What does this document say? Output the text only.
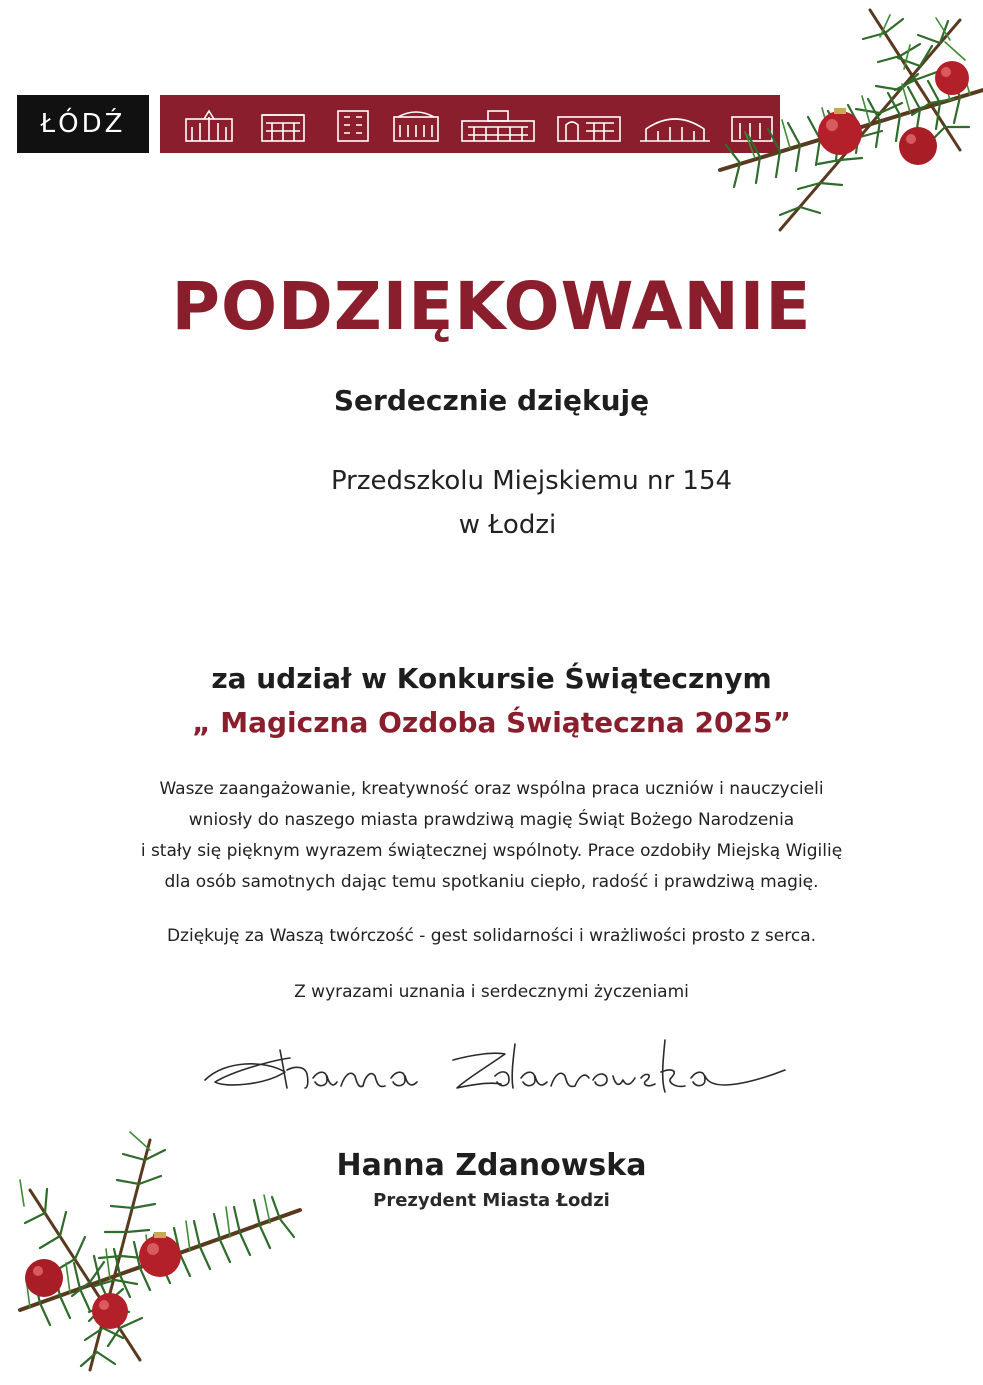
ŁÓDŹ
PODZIĘKOWANIE
Serdecznie dziękuję
Przedszkolu Miejskiemu nr 154
w Łodzi
za udział w Konkursie Świątecznym
„ Magiczna Ozdoba Świąteczna 2025”

Wasze zaangażowanie, kreatywność oraz wspólna praca uczniów i nauczycieli

wniosły do naszego miasta prawdziwą magię Świąt Bożego Narodzenia

i stały się pięknym wyrazem świątecznej wspólnoty. Prace ozdobiły Miejską Wigilię

dla osób samotnych dając temu spotkaniu ciepło, radość i prawdziwą magię.

Dziękuję za Waszą twórczość - gest solidarności i wrażliwości prosto z serca.
Z wyrazami uznania i serdecznymi życzeniami
Hanna Zdanowska
Prezydent Miasta Łodzi
